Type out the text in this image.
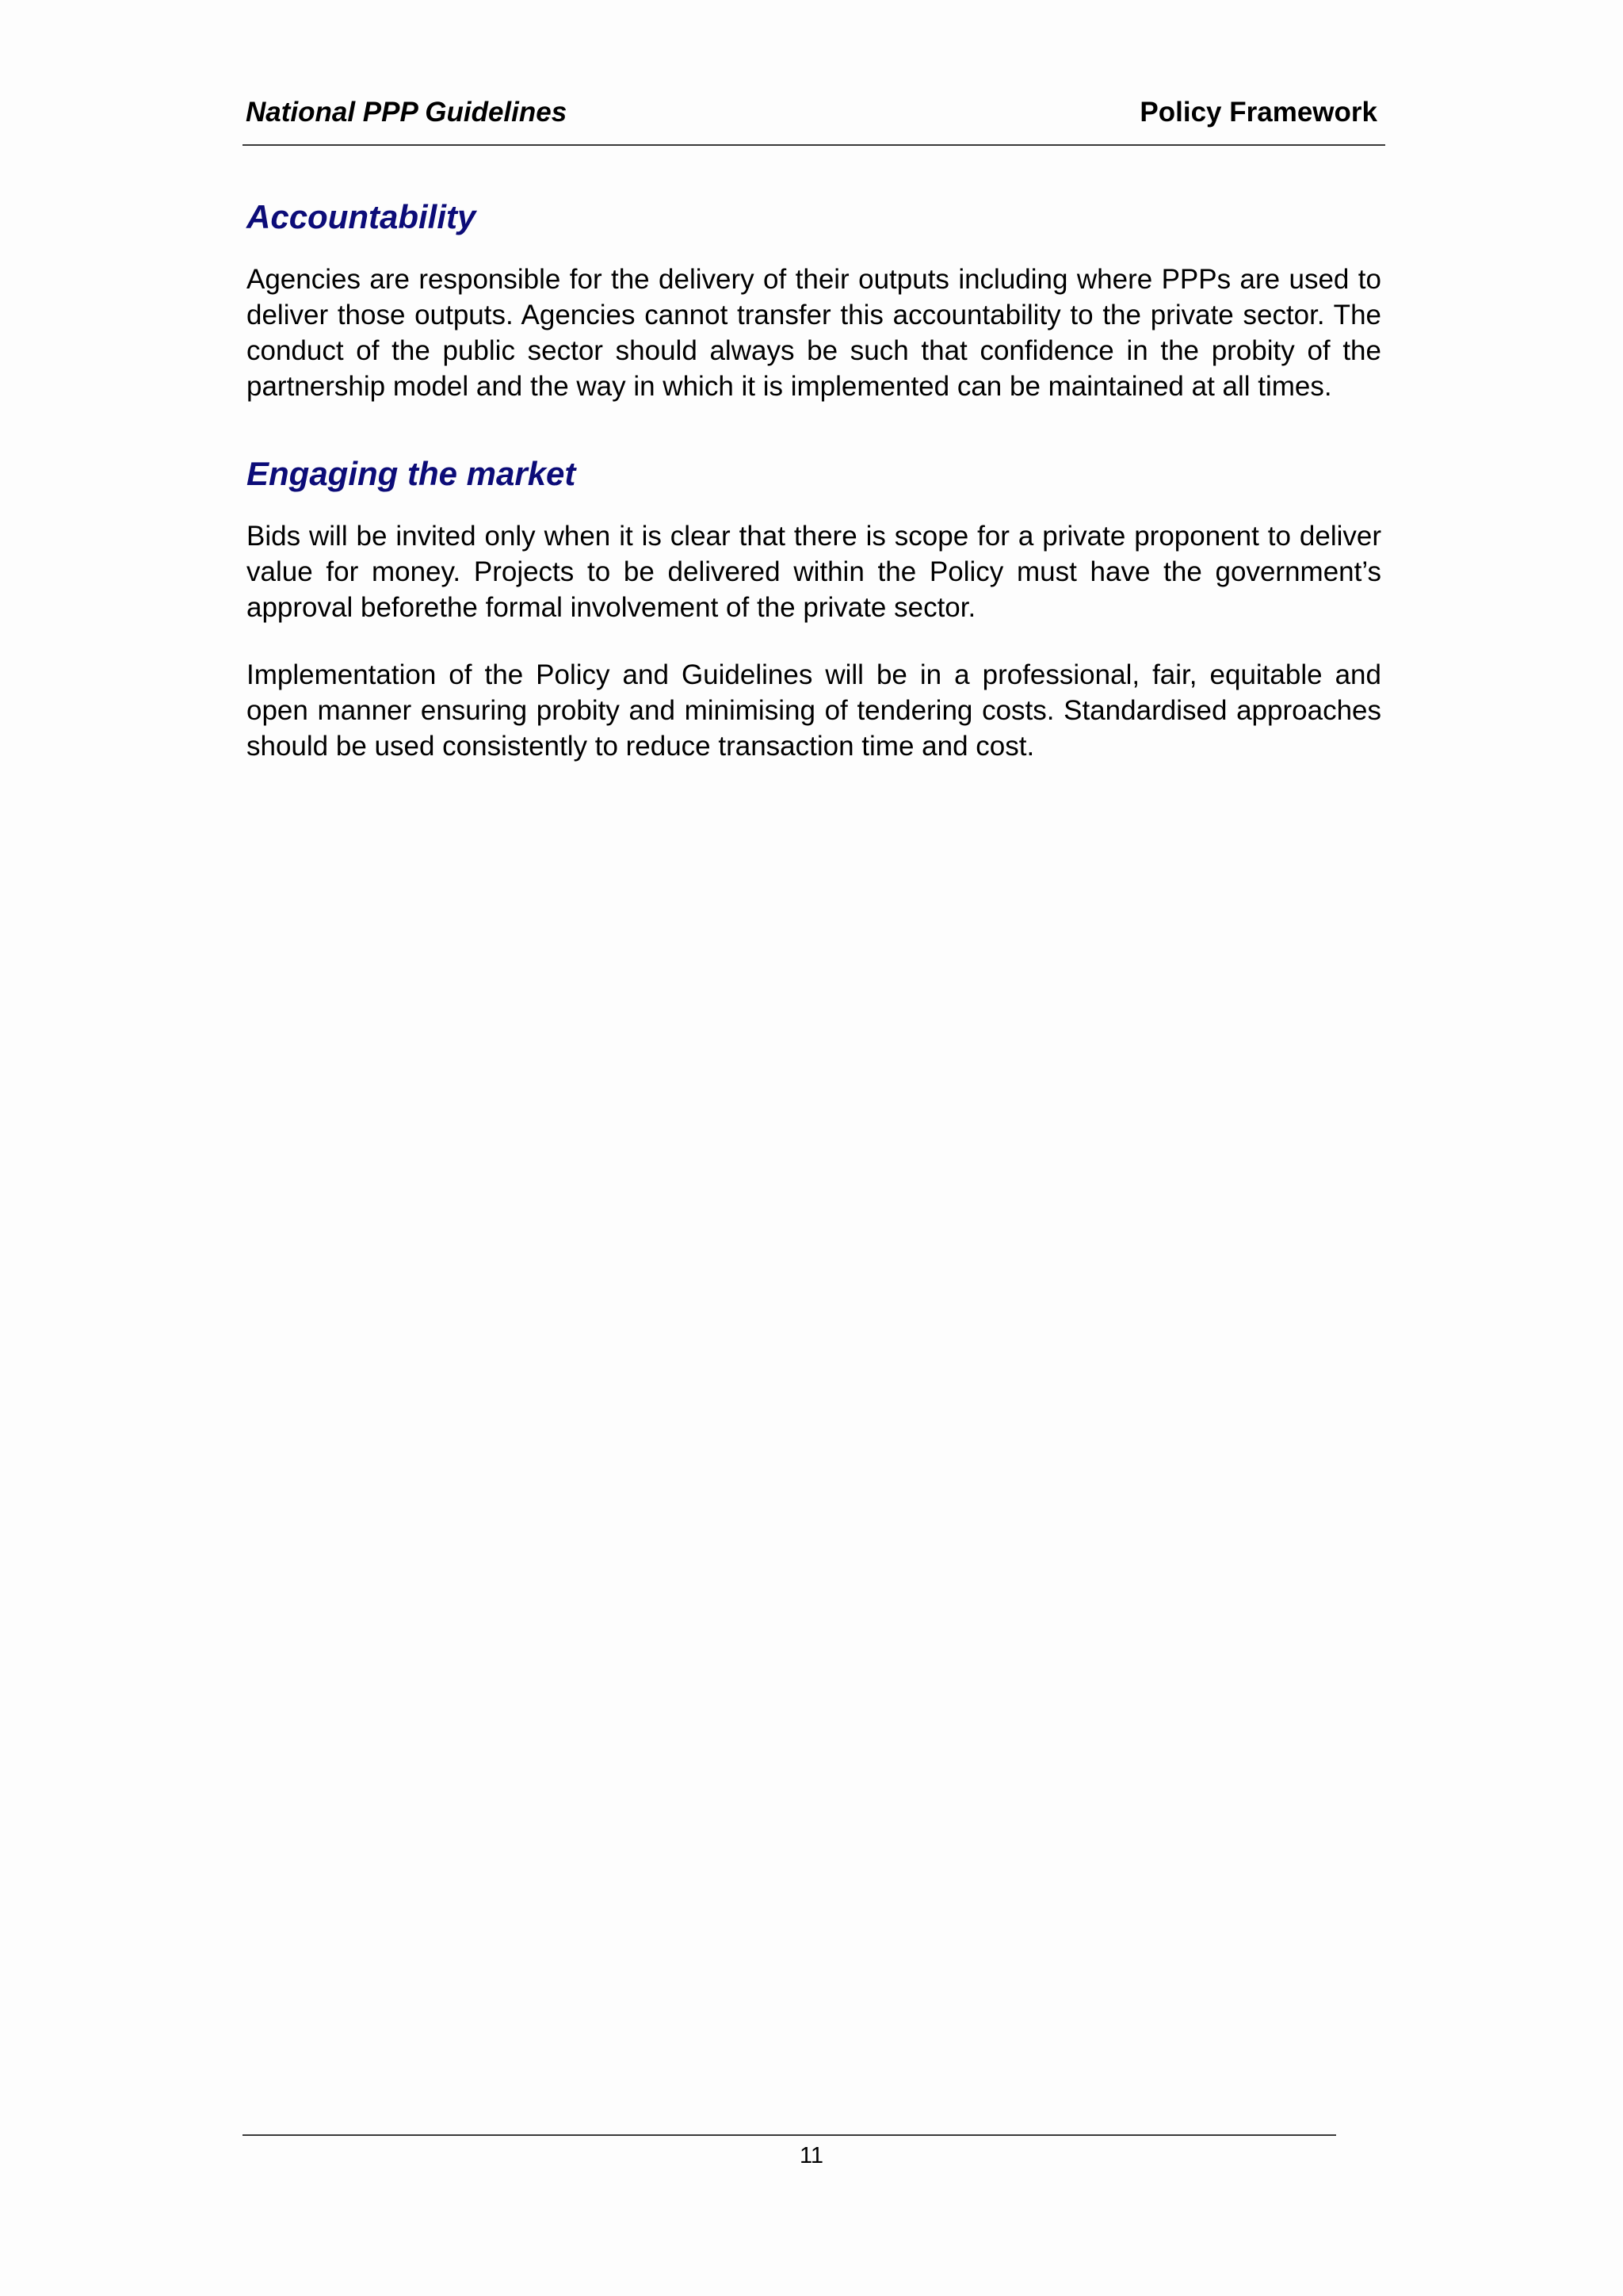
National PPP Guidelines	Policy Framework
Accountability

Agencies are responsible for the delivery of their outputs including where PPPs are used to deliver those outputs. Agencies cannot transfer this accountability to the private sector. The conduct of the public sector should always be such that confidence in the probity of the partnership model and the way in which it is implemented can be maintained at all times.

Engaging the market

Bids will be invited only when it is clear that there is scope for a private proponent to deliver value for money. Projects to be delivered within the Policy must have the government’s approval beforethe formal involvement of the private sector.

Implementation of the Policy and Guidelines will be in a professional, fair, equitable and open manner ensuring probity and minimising of tendering costs. Standardised approaches should be used consistently to reduce transaction time and cost.

11
